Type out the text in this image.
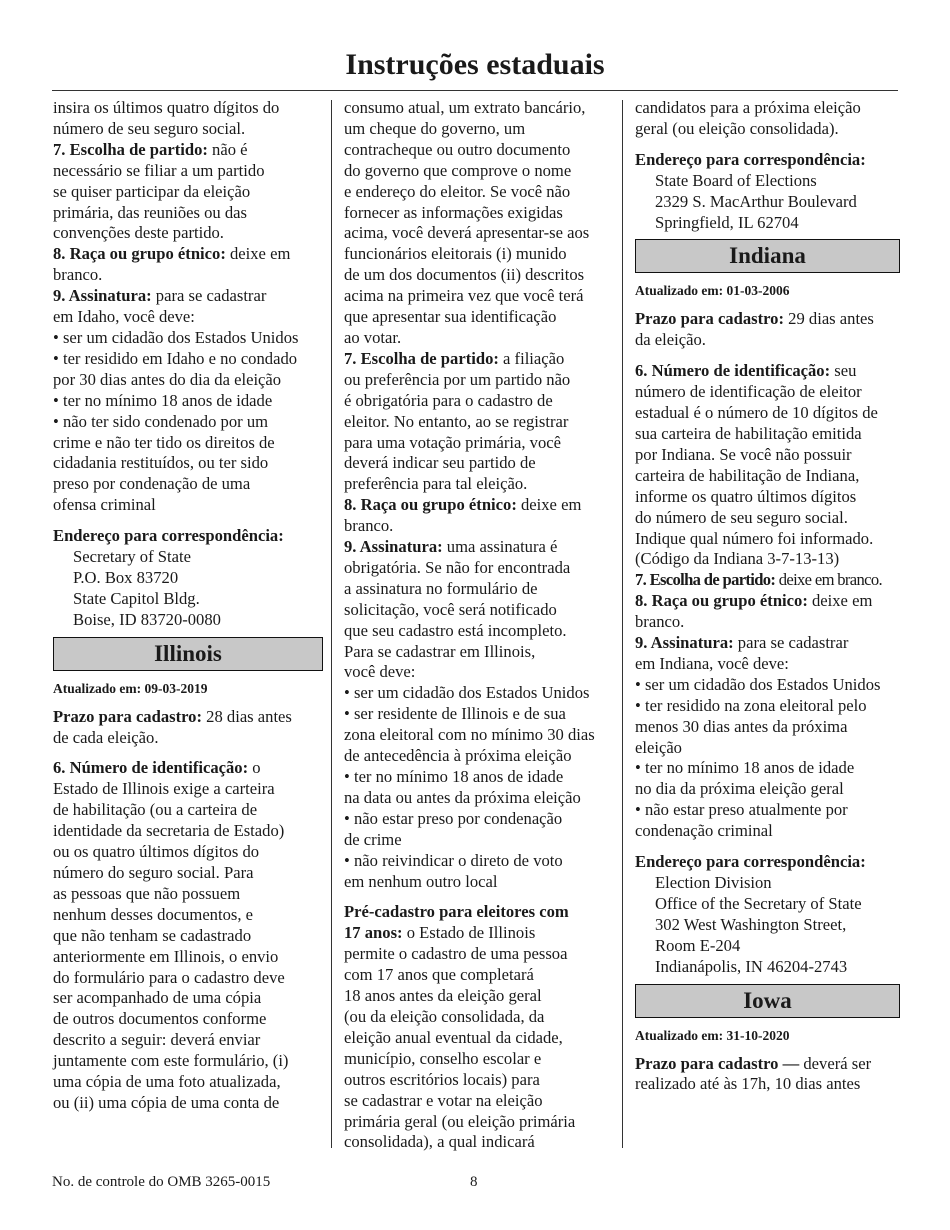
Instruções estaduais
insira os últimos quatro dígitos do
número de seu seguro social.
7. Escolha de partido: não é
necessário se filiar a um partido
se quiser participar da eleição
primária, das reuniões ou das
convenções deste partido.
8. Raça ou grupo étnico: deixe em
branco.
9. Assinatura: para se cadastrar
em Idaho, você deve:
• ser um cidadão dos Estados Unidos
• ter residido em Idaho e no condado
por 30 dias antes do dia da eleição
• ter no mínimo 18 anos de idade
• não ter sido condenado por um
crime e não ter tido os direitos de
cidadania restituídos, ou ter sido
preso por condenação de uma
ofensa criminal
Endereço para correspondência:
Secretary of State
P.O. Box 83720
State Capitol Bldg.
Boise, ID 83720-0080
Illinois
Atualizado em: 09-03-2019
Prazo para cadastro: 28 dias antes
de cada eleição.
6. Número de identificação: o
Estado de Illinois exige a carteira
de habilitação (ou a carteira de
identidade da secretaria de Estado)
ou os quatro últimos dígitos do
número do seguro social. Para
as pessoas que não possuem
nenhum desses documentos, e
que não tenham se cadastrado
anteriormente em Illinois, o envio
do formulário para o cadastro deve
ser acompanhado de uma cópia
de outros documentos conforme
descrito a seguir: deverá enviar
juntamente com este formulário, (i)
uma cópia de uma foto atualizada,
ou (ii) uma cópia de uma conta de
consumo atual, um extrato bancário,
um cheque do governo, um
contracheque ou outro documento
do governo que comprove o nome
e endereço do eleitor. Se você não
fornecer as informações exigidas
acima, você deverá apresentar-se aos
funcionários eleitorais (i) munido
de um dos documentos (ii) descritos
acima na primeira vez que você terá
que apresentar sua identificação
ao votar.
7. Escolha de partido: a filiação
ou preferência por um partido não
é obrigatória para o cadastro de
eleitor. No entanto, ao se registrar
para uma votação primária, você
deverá indicar seu partido de
preferência para tal eleição.
8. Raça ou grupo étnico: deixe em
branco.
9. Assinatura: uma assinatura é
obrigatória. Se não for encontrada
a assinatura no formulário de
solicitação, você será notificado
que seu cadastro está incompleto.
Para se cadastrar em Illinois,
você deve:
• ser um cidadão dos Estados Unidos
• ser residente de Illinois e de sua
zona eleitoral com no mínimo 30 dias
de antecedência à próxima eleição
• ter no mínimo 18 anos de idade
na data ou antes da próxima eleição
• não estar preso por condenação
de crime
• não reivindicar o direto de voto
em nenhum outro local
Pré-cadastro para eleitores com
17 anos: o Estado de Illinois
permite o cadastro de uma pessoa
com 17 anos que completará
18 anos antes da eleição geral
(ou da eleição consolidada, da
eleição anual eventual da cidade,
município, conselho escolar e
outros escritórios locais) para
se cadastrar e votar na eleição
primária geral (ou eleição primária
consolidada), a qual indicará
candidatos para a próxima eleição
geral (ou eleição consolidada).
Endereço para correspondência:
State Board of Elections
2329 S. MacArthur Boulevard
Springfield, IL 62704
Indiana
Atualizado em: 01-03-2006
Prazo para cadastro: 29 dias antes
da eleição.
6. Número de identificação: seu
número de identificação de eleitor
estadual é o número de 10 dígitos de
sua carteira de habilitação emitida
por Indiana. Se você não possuir
carteira de habilitação de Indiana,
informe os quatro últimos dígitos
do número de seu seguro social.
Indique qual número foi informado.
(Código da Indiana 3-7-13-13)
7. Escolha de partido: deixe em branco.
8. Raça ou grupo étnico: deixe em
branco.
9. Assinatura: para se cadastrar
em Indiana, você deve:
• ser um cidadão dos Estados Unidos
• ter residido na zona eleitoral pelo
menos 30 dias antes da próxima
eleição
• ter no mínimo 18 anos de idade
no dia da próxima eleição geral
• não estar preso atualmente por
condenação criminal
Endereço para correspondência:
Election Division
Office of the Secretary of State
302 West Washington Street,
Room E-204
Indianápolis, IN 46204-2743
Iowa
Atualizado em: 31-10-2020
Prazo para cadastro — deverá ser
realizado até às 17h, 10 dias antes
No. de controle do OMB 3265-0015	8
